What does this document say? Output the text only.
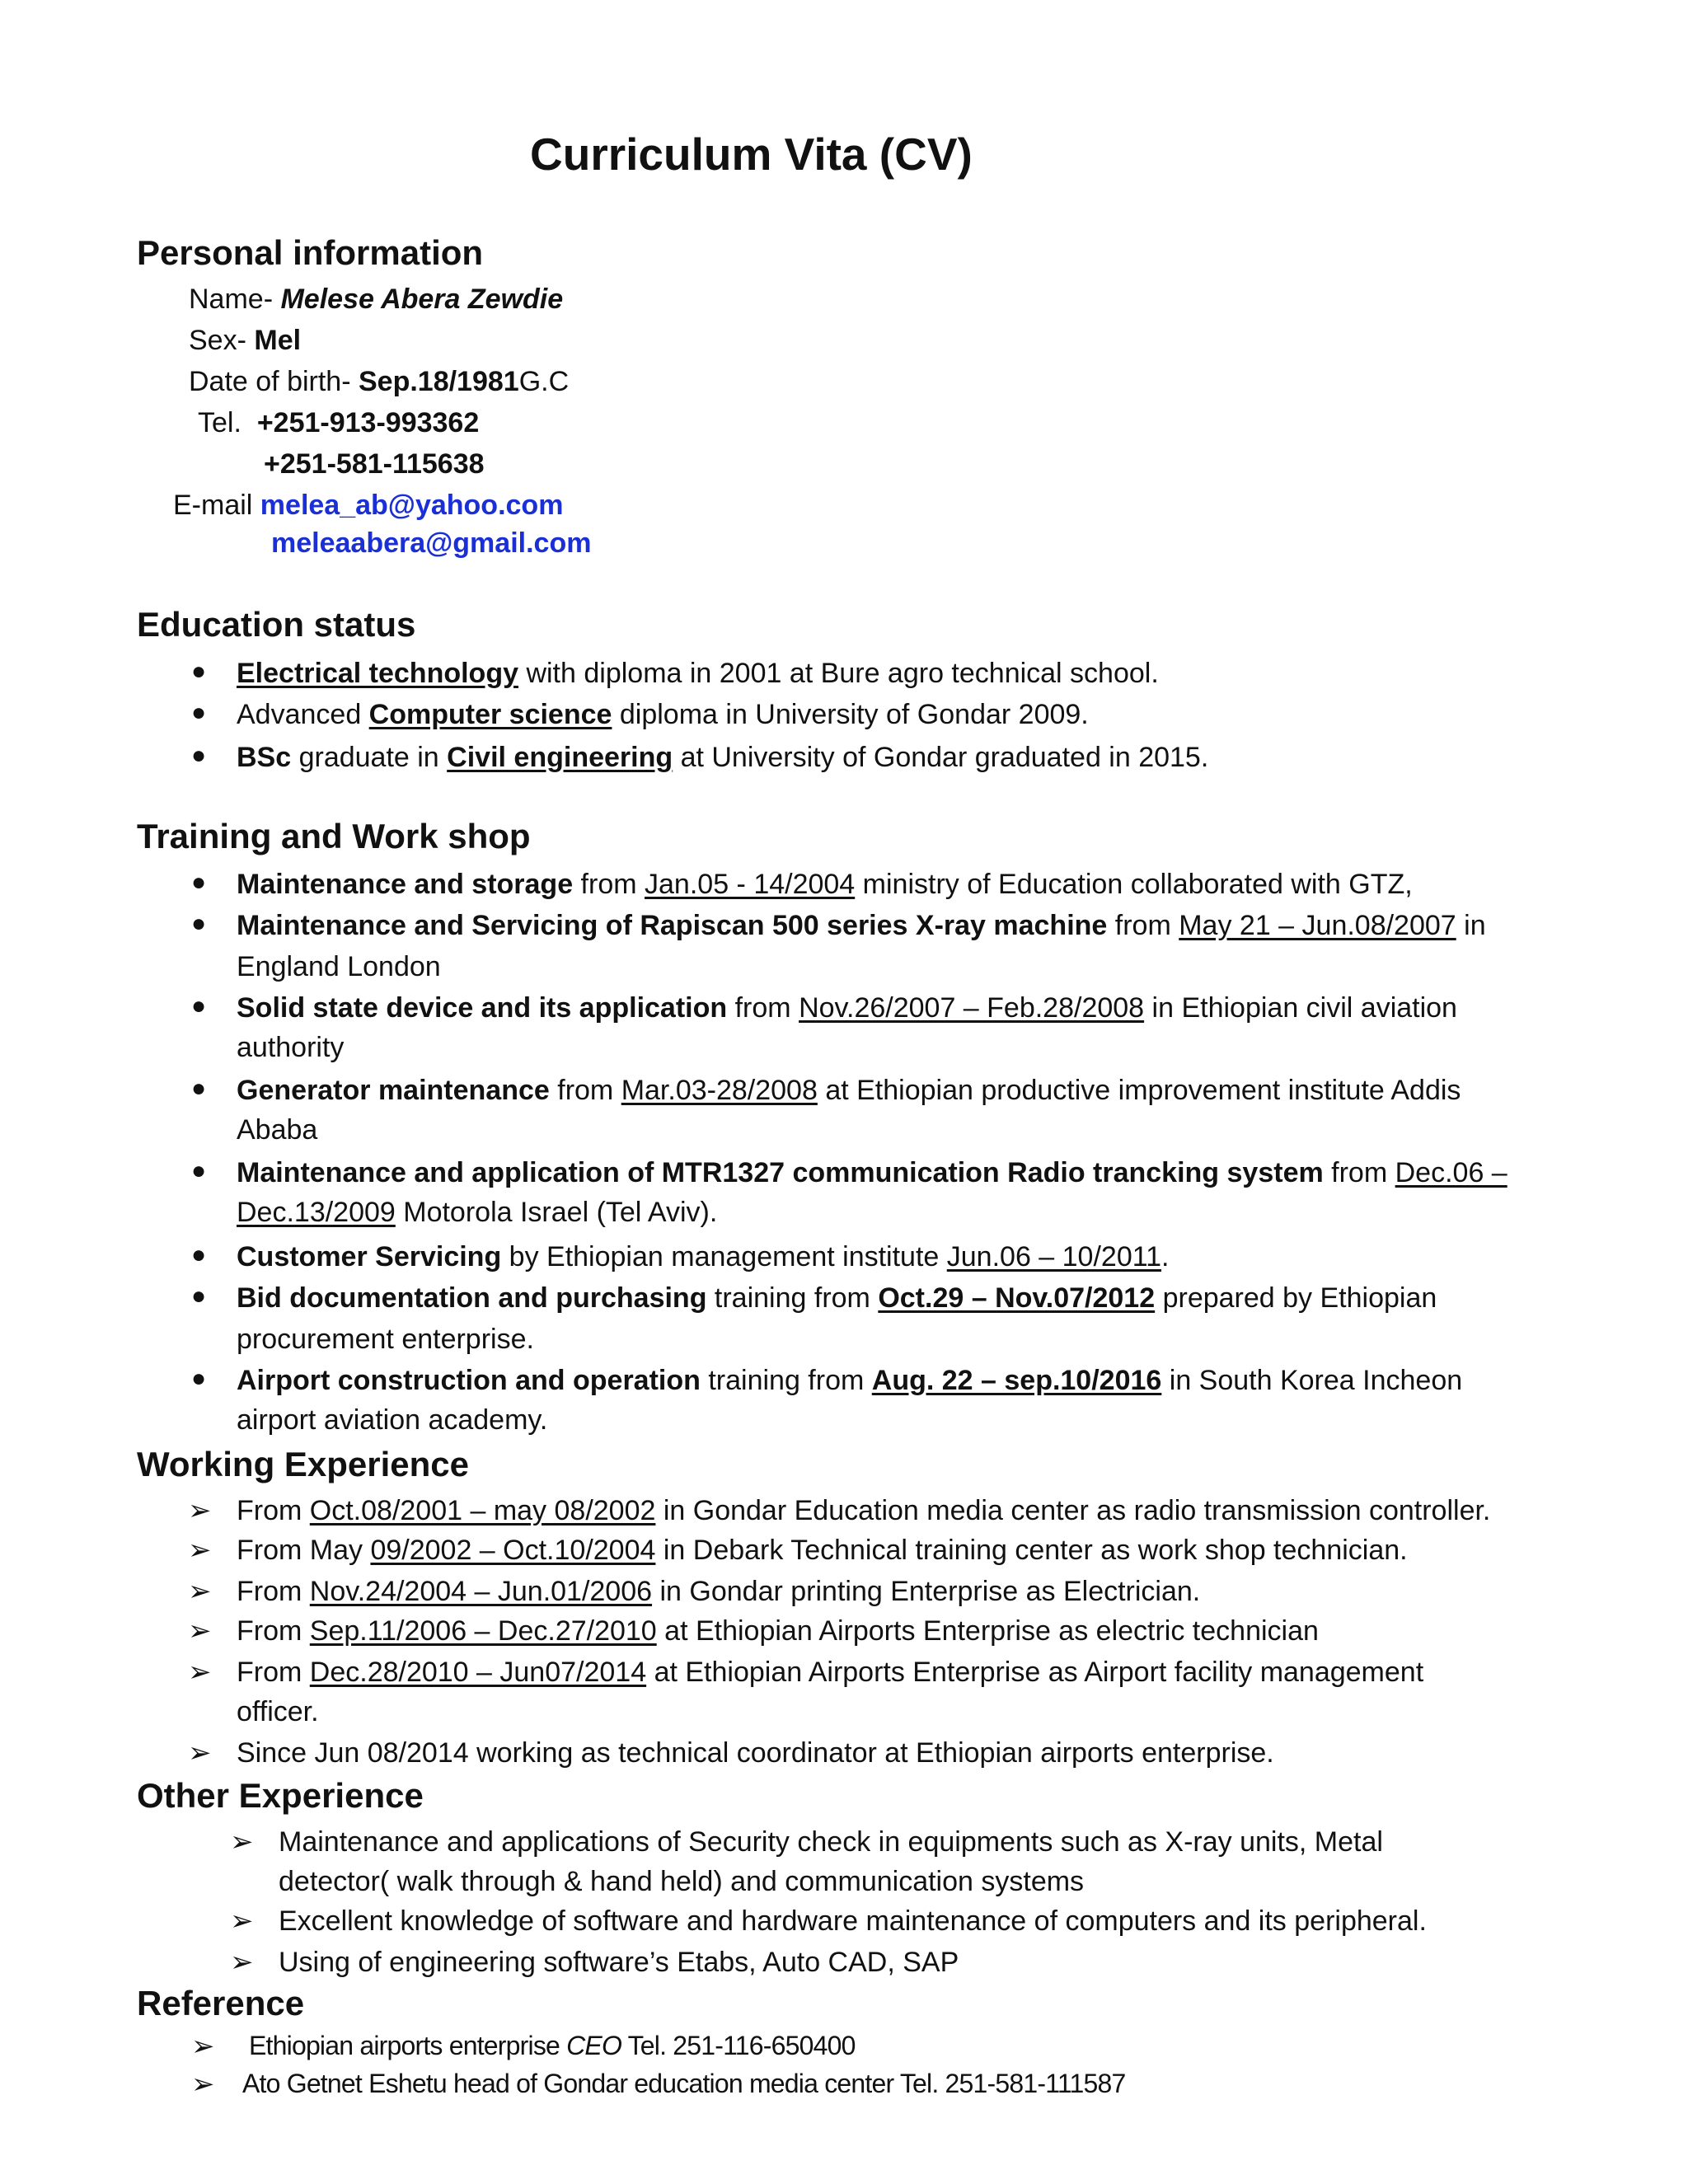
Curriculum Vita (CV)
Personal information
Name- Melese Abera Zewdie
Sex- Mel
Date of birth- Sep.18/1981G.C
Tel. +251-913-993362
+251-581-115638
E-mail melea_ab@yahoo.com
meleaabera@gmail.com
Education status
● Electrical technology with diploma in 2001 at Bure agro technical school.
● Advanced Computer science diploma in University of Gondar 2009.
● BSc graduate in Civil engineering at University of Gondar graduated in 2015.
Training and Work shop
● Maintenance and storage from Jan.05 - 14/2004 ministry of Education collaborated with GTZ,
● Maintenance and Servicing of Rapiscan 500 series X-ray machine from May 21 – Jun.08/2007 in
England London
● Solid state device and its application from Nov.26/2007 – Feb.28/2008 in Ethiopian civil aviation
authority
● Generator maintenance from Mar.03-28/2008 at Ethiopian productive improvement institute Addis
Ababa
● Maintenance and application of MTR1327 communication Radio trancking system from Dec.06 –
Dec.13/2009 Motorola Israel (Tel Aviv).
● Customer Servicing by Ethiopian management institute Jun.06 – 10/2011.
● Bid documentation and purchasing training from Oct.29 – Nov.07/2012 prepared by Ethiopian
procurement enterprise.
● Airport construction and operation training from Aug. 22 – sep.10/2016 in South Korea Incheon
airport aviation academy.
Working Experience
➢ From Oct.08/2001 – may 08/2002 in Gondar Education media center as radio transmission controller.
➢ From May 09/2002 – Oct.10/2004 in Debark Technical training center as work shop technician.
➢ From Nov.24/2004 – Jun.01/2006 in Gondar printing Enterprise as Electrician.
➢ From Sep.11/2006 – Dec.27/2010 at Ethiopian Airports Enterprise as electric technician
➢ From Dec.28/2010 – Jun07/2014 at Ethiopian Airports Enterprise as Airport facility management
officer.
➢ Since Jun 08/2014 working as technical coordinator at Ethiopian airports enterprise.
Other Experience
➢ Maintenance and applications of Security check in equipments such as X-ray units, Metal
detector( walk through & hand held) and communication systems
➢ Excellent knowledge of software and hardware maintenance of computers and its peripheral.
➢ Using of engineering software’s Etabs, Auto CAD, SAP
Reference
➢ Ethiopian airports enterprise CEO Tel. 251-116-650400
➢ Ato Getnet Eshetu head of Gondar education media center Tel. 251-581-111587
